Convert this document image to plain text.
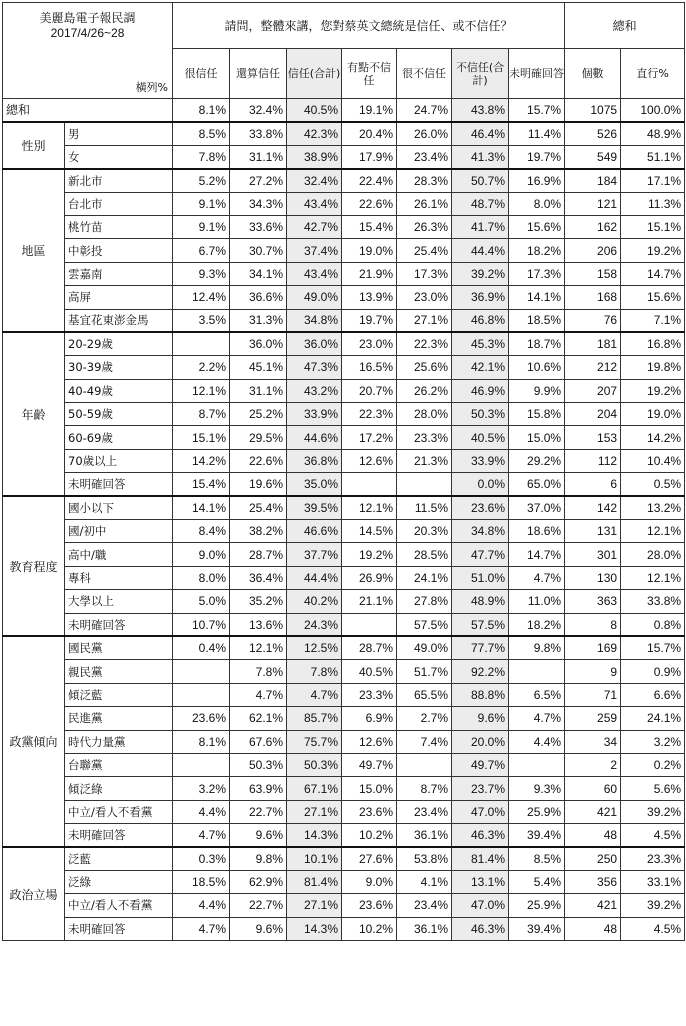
美麗島電子報民調
2017/4/26~28
橫列%		請問，整體來講，您對蔡英文總統是信任、或不信任？							總和	
		很信任	還算信任	信任(合計)	有點不信任	很不信任	不信任(合計)	未明確回答	個數	直行%
總和		8.1%	32.4%	40.5%	19.1%	24.7%	43.8%	15.7%	1075	100.0%
性別	男	8.5%	33.8%	42.3%	20.4%	26.0%	46.4%	11.4%	526	48.9%
	女	7.8%	31.1%	38.9%	17.9%	23.4%	41.3%	19.7%	549	51.1%
地區	新北市	5.2%	27.2%	32.4%	22.4%	28.3%	50.7%	16.9%	184	17.1%
	台北市	9.1%	34.3%	43.4%	22.6%	26.1%	48.7%	8.0%	121	11.3%
	桃竹苗	9.1%	33.6%	42.7%	15.4%	26.3%	41.7%	15.6%	162	15.1%
	中彰投	6.7%	30.7%	37.4%	19.0%	25.4%	44.4%	18.2%	206	19.2%
	雲嘉南	9.3%	34.1%	43.4%	21.9%	17.3%	39.2%	17.3%	158	14.7%
	高屏	12.4%	36.6%	49.0%	13.9%	23.0%	36.9%	14.1%	168	15.6%
	基宜花東澎金馬	3.5%	31.3%	34.8%	19.7%	27.1%	46.8%	18.5%	76	7.1%
年齡	20-29歲		36.0%	36.0%	23.0%	22.3%	45.3%	18.7%	181	16.8%
	30-39歲	2.2%	45.1%	47.3%	16.5%	25.6%	42.1%	10.6%	212	19.8%
	40-49歲	12.1%	31.1%	43.2%	20.7%	26.2%	46.9%	9.9%	207	19.2%
	50-59歲	8.7%	25.2%	33.9%	22.3%	28.0%	50.3%	15.8%	204	19.0%
	60-69歲	15.1%	29.5%	44.6%	17.2%	23.3%	40.5%	15.0%	153	14.2%
	70歲以上	14.2%	22.6%	36.8%	12.6%	21.3%	33.9%	29.2%	112	10.4%
	未明確回答	15.4%	19.6%	35.0%			0.0%	65.0%	6	0.5%
教育程度	國小以下	14.1%	25.4%	39.5%	12.1%	11.5%	23.6%	37.0%	142	13.2%
	國/初中	8.4%	38.2%	46.6%	14.5%	20.3%	34.8%	18.6%	131	12.1%
	高中/職	9.0%	28.7%	37.7%	19.2%	28.5%	47.7%	14.7%	301	28.0%
	專科	8.0%	36.4%	44.4%	26.9%	24.1%	51.0%	4.7%	130	12.1%
	大學以上	5.0%	35.2%	40.2%	21.1%	27.8%	48.9%	11.0%	363	33.8%
	未明確回答	10.7%	13.6%	24.3%		57.5%	57.5%	18.2%	8	0.8%
政黨傾向	國民黨	0.4%	12.1%	12.5%	28.7%	49.0%	77.7%	9.8%	169	15.7%
	親民黨		7.8%	7.8%	40.5%	51.7%	92.2%		9	0.9%
	傾泛藍		4.7%	4.7%	23.3%	65.5%	88.8%	6.5%	71	6.6%
	民進黨	23.6%	62.1%	85.7%	6.9%	2.7%	9.6%	4.7%	259	24.1%
	時代力量黨	8.1%	67.6%	75.7%	12.6%	7.4%	20.0%	4.4%	34	3.2%
	台聯黨		50.3%	50.3%	49.7%		49.7%		2	0.2%
	傾泛綠	3.2%	63.9%	67.1%	15.0%	8.7%	23.7%	9.3%	60	5.6%
	中立/看人不看黨	4.4%	22.7%	27.1%	23.6%	23.4%	47.0%	25.9%	421	39.2%
	未明確回答	4.7%	9.6%	14.3%	10.2%	36.1%	46.3%	39.4%	48	4.5%
政治立場	泛藍	0.3%	9.8%	10.1%	27.6%	53.8%	81.4%	8.5%	250	23.3%
	泛綠	18.5%	62.9%	81.4%	9.0%	4.1%	13.1%	5.4%	356	33.1%
	中立/看人不看黨	4.4%	22.7%	27.1%	23.6%	23.4%	47.0%	25.9%	421	39.2%
	未明確回答	4.7%	9.6%	14.3%	10.2%	36.1%	46.3%	39.4%	48	4.5%
